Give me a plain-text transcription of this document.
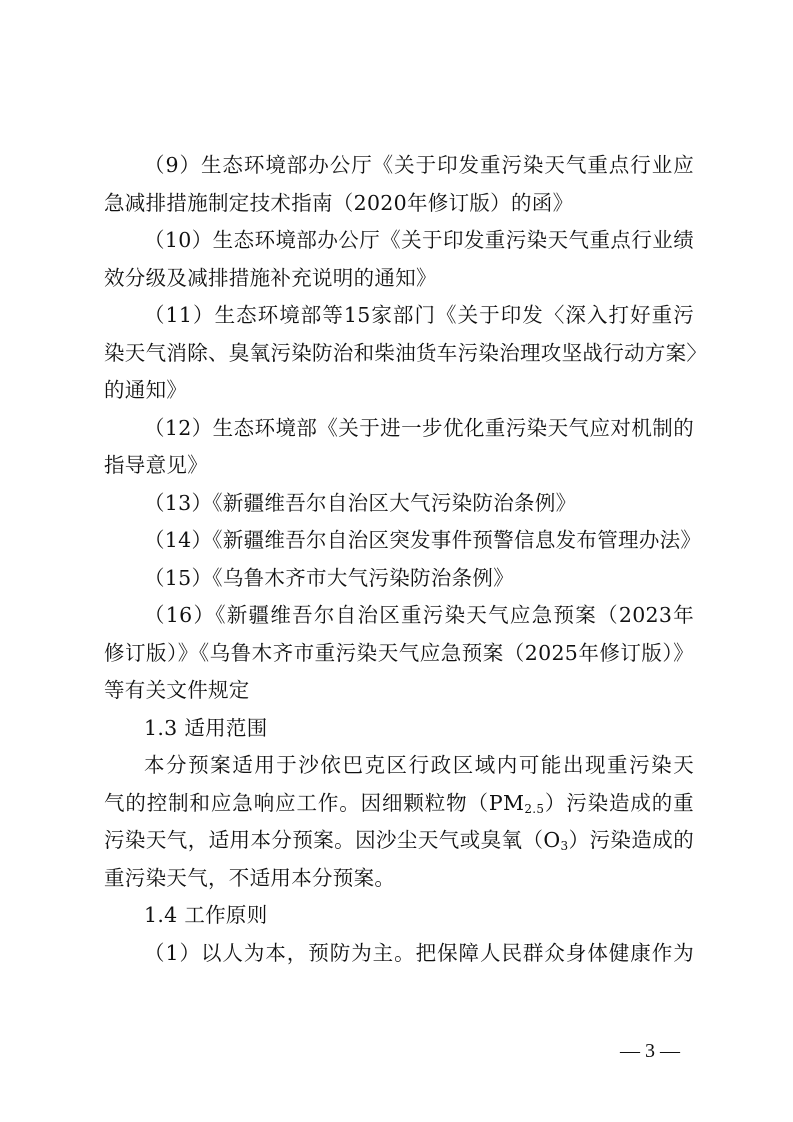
（9）生态环境部办公厅《关于印发重污染天气重点行业应
急减排措施制定技术指南（2020年修订版）的函》
（10）生态环境部办公厅《关于印发重污染天气重点行业绩
效分级及减排措施补充说明的通知》
（11）生态环境部等15家部门《关于印发〈深入打好重污
染天气消除、臭氧污染防治和柴油货车污染治理攻坚战行动方案〉
的通知》
（12）生态环境部《关于进一步优化重污染天气应对机制的
指导意见》
（13）《新疆维吾尔自治区大气污染防治条例》
（14）《新疆维吾尔自治区突发事件预警信息发布管理办法》
（15）《乌鲁木齐市大气污染防治条例》
（16）《新疆维吾尔自治区重污染天气应急预案（2023年
修订版）》《乌鲁木齐市重污染天气应急预案（2025年修订版）》
等有关文件规定
1.3 适用范围
本分预案适用于沙依巴克区行政区域内可能出现重污染天
气的控制和应急响应工作。因细颗粒物$(PM_{2.5})$污染造成的重
污染天气，适用本分预案。因沙尘天气或臭氧$(O_3)$污染造成的
重污染天气，不适用本分预案。
1.4 工作原则
（1）以人为本，预防为主。把保障人民群众身体健康作为
— 3 —
